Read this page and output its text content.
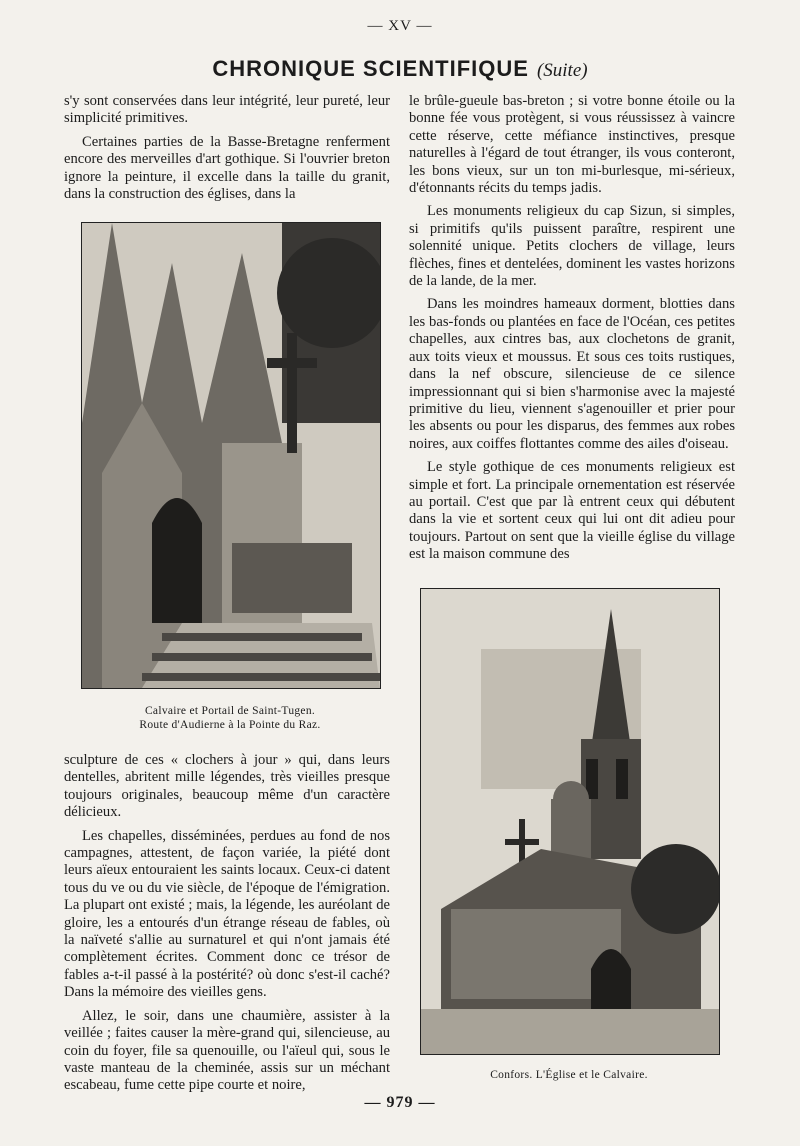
— XV —
CHRONIQUE SCIENTIFIQUE (Suite)

s'y sont conservées dans leur intégrité, leur pureté, leur simplicité primitives.

Certaines parties de la Basse-Bretagne renferment encore des merveilles d'art gothique. Si l'ouvrier breton ignore la peinture, il excelle dans la taille du granit, dans la construction des églises, dans la

le brûle-gueule bas-breton ; si votre bonne étoile ou la bonne fée vous protègent, si vous réussissez à vaincre cette réserve, cette méfiance instinctives, presque naturelles à l'égard de tout étranger, ils vous conteront, les bons vieux, sur un ton mi-burlesque, mi-sérieux, d'étonnants récits du temps jadis.

Les monuments religieux du cap Sizun, si simples, si primitifs qu'ils puissent paraître, respirent une solennité unique. Petits clochers de village, leurs flèches, fines et dentelées, dominent les vastes horizons de la lande, de la mer.

Dans les moindres hameaux dorment, blotties dans les bas-fonds ou plantées en face de l'Océan, ces petites chapelles, aux cintres bas, aux clochetons de granit, aux toits vieux et moussus. Et sous ces toits rustiques, dans la nef obscure, silencieuse de ce silence impressionnant qui si bien s'harmonise avec la majesté primitive du lieu, viennent s'agenouiller et prier pour les absents ou pour les disparus, des femmes aux robes noires, aux coiffes flottantes comme des ailes d'oiseau.

Le style gothique de ces monuments religieux est simple et fort. La principale ornementation est réservée au portail. C'est que par là entrent ceux qui débutent dans la vie et sortent ceux qui lui ont dit adieu pour toujours. Partout on sent que la vieille église du village est la maison commune des

Calvaire et Portail de Saint-Tugen.
Route d'Audierne à la Pointe du Raz.

sculpture de ces « clochers à jour » qui, dans leurs dentelles, abritent mille légendes, très vieilles presque toujours originales, beaucoup même d'un caractère délicieux.

Les chapelles, disséminées, perdues au fond de nos campagnes, attestent, de façon variée, la piété dont leurs aïeux entouraient les saints locaux. Ceux-ci datent tous du ve ou du vie siècle, de l'époque de l'émigration. La plupart ont existé ; mais, la légende, les auréolant de gloire, les a entourés d'un étrange réseau de fables, où la naïveté s'allie au surnaturel et qui n'ont jamais été complètement écrites. Comment donc ce trésor de fables a-t-il passé à la postérité? où donc s'est-il caché? Dans la mémoire des vieilles gens.

Allez, le soir, dans une chaumière, assister à la veillée ; faites causer la mère-grand qui, silencieuse, au coin du foyer, file sa quenouille, ou l'aïeul qui, sous le vaste manteau de la cheminée, assis sur un méchant escabeau, fume cette pipe courte et noire,

Confors. L'Église et le Calvaire.
— 979 —
